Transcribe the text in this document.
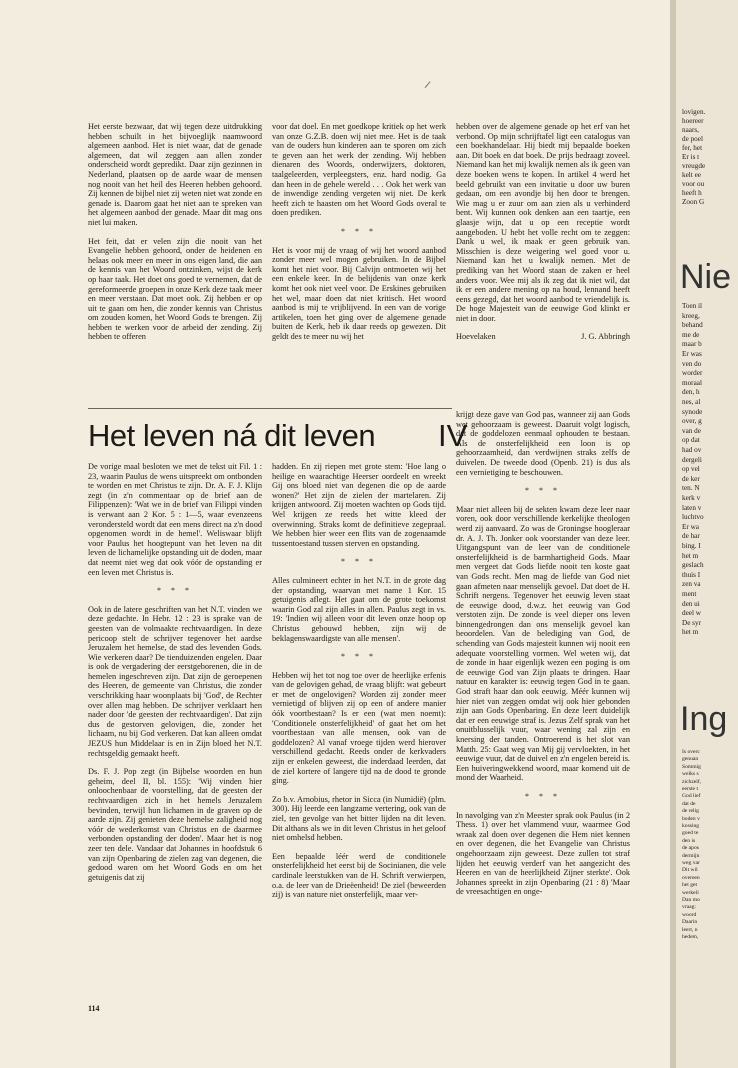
Het eerste bezwaar, dat wij tegen deze uitdrukking hebben schuilt in het bijvoeglijk naamwoord algemeen aanbod. Het is niet waar, dat de genade algemeen, dat wil zeggen aan allen zonder onderscheid wordt gepredikt. Daar zijn gezinnen in Nederland, plaatsen op de aarde waar de mensen nog nooit van het heil des Heeren hebben gehoord. Zij kennen de bijbel niet zij weten niet wat zonde en genade is. Daarom gaat het niet aan te spreken van het algemeen aanbod der genade. Maar dit mag ons niet lui maken.

Het feit, dat er velen zijn die nooit van het Evangelie hebben gehoord, onder de heidenen en helaas ook meer en meer in ons eigen land, die aan de kennis van het Woord ontzinken, wijst de kerk op haar taak. Het doet ons goed te vernemen, dat de gereformeerde groepen in onze Kerk deze taak meer en meer verstaan. Dat moet ook. Zij hebben er op uit te gaan om hen, die zonder kennis van Christus om zouden komen, het Woord Gods te brengen. Zij hebben te werken voor de arbeid der zending. Zij hebben te offeren

voor dat doel. En met goedkope kritiek op het werk van onze G.Z.B. doen wij niet mee. Het is de taak van de ouders hun kinderen aan te sporen om zich te geven aan het werk der zending. Wij hebben dienaren des Woords, onderwijzers, doktoren, taalgeleerden, verpleegsters, enz. hard nodig. Ga dan heen in de gehele wereld . . . Ook het werk van de inwendige zending vergeten wij niet. De kerk heeft zich te haasten om het Woord Gods overal te doen prediken.

* * *

Het is voor mij de vraag of wij het woord aanbod zonder meer wel mogen gebruiken. In de Bijbel komt het niet voor. Bij Calvijn ontmoeten wij het een enkele keer. In de belijdenis van onze kerk komt het ook niet veel voor. De Erskines gebruiken het wel, maar doen dat niet kritisch. Het woord aanbod is mij te vrijblijvend. In een van de vorige artikelen, toen het ging over de algemene genade buiten de Kerk, heb ik daar reeds op gewezen. Dit geldt des te meer nu wij het

hebben over de algemene genade op het erf van het verbond. Op mijn schrijftafel ligt een catalogus van een boekhandelaar. Hij biedt mij bepaalde boeken aan. Dit boek en dat boek. De prijs bedraagt zoveel. Niemand kan het mij kwalijk nemen als ik geen van deze boeken wens te kopen. In artikel 4 werd het beeld gebruikt van een invitatie u door uw buren gedaan, om een avondje bij hen door te brengen. Wie mag u er zuur om aan zien als u verhinderd bent. Wij kunnen ook denken aan een taartje, een glaasje wijn, dat u op een receptie wordt aangeboden. U hebt het volle recht om te zeggen: Dank u wel, ik maak er geen gebruik van. Misschien is deze weigering wel goed voor u. Niemand kan het u kwalijk nemen. Met de prediking van het Woord staan de zaken er heel anders voor. Wee mij als ik zeg dat ik niet wil, dat ik er een andere mening op na houd, lennand heeft eens gezegd, dat het woord aanbod te vriendelijk is. De hoge Majesteit van de eeuwige God klinkt er niet in door.

Hoevelaken	J. G. Abbringh
Het leven ná dit leven IV

De vorige maal besloten we met de tekst uit Fil. 1 : 23, waarin Paulus de wens uitspreekt om ontbonden te worden en met Christus te zijn. Dr. A. F. J. Klijn zegt (in z'n commentaar op de brief aan de Filippenzen): 'Wat we in de brief van Filippi vinden is verwant aan 2 Kor. 5 : 1—5, waar evenzeens verondersteld wordt dat een mens direct na z'n dood opgenomen wordt in de hemel'. Weliswaar blijft voor Paulus het hoogtepunt van het leven na dit leven de lichamelijke opstanding uit de doden, maar dat neemt niet weg dat ook vóór de opstanding er een leven met Christus is.

* * *

Ook in de latere geschriften van het N.T. vinden we deze gedachte. In Hebr. 12 : 23 is sprake van de geesten van de volmaakte rechtvaardigen. In deze pericoop stelt de schrijver tegenover het aardse Jeruzalem het hemelse, de stad des levenden Gods. Wie verkeren daar? De tienduizenden engelen. Daar is ook de vergadering der eerstgeborenen, die in de hemelen ingeschreven zijn. Dat zijn de geroepenen des Heeren, de gemeente van Christus, die zonder verschrikking haar woonplaats bij 'God', de Rechter over allen mag hebben. De schrijver verklaart hen nader door 'de geesten der rechtvaardigen'. Dat zijn dus de gestorven gelovigen, die, zonder het lichaam, nu bij God verkeren. Dat kan alleen omdat JEZUS hun Middelaar is en in Zijn bloed het N.T. rechtsgeldig gemaakt heeft.

Ds. F. J. Pop zegt (in Bijbelse woorden en hun geheim, deel II, bl. 155): 'Wij vinden hier onloochenbaar de voorstelling, dat de geesten der rechtvaardigen zich in het hemels Jeruzalem bevinden, terwijl hun lichamen in de graven op de aarde zijn. Zij genieten deze hemelse zaligheid nog vóór de wederkomst van Christus en de daarmee verbonden opstanding der doden'. Maar het is nog zeer ten dele. Vandaar dat Johannes in hoofdstuk 6 van zijn Openbaring de zielen zag van degenen, die gedood waren om het Woord Gods en om het getuigenis dat zij

hadden. En zij riepen met grote stem: 'Hoe lang o heilige en waarachtige Heerser oordeelt en wreekt Gij ons bloed niet van degenen die op de aarde wonen?' Het zijn de zielen der martelaren. Zij krijgen antwoord. Zij moeten wachten op Gods tijd. Wel krijgen ze reeds het witte kleed der overwinning. Straks komt de definitieve zegepraal. We hebben hier weer een flits van de zogenaamde tussentoestand tussen sterven en opstanding.

* * *

Alles culmineert echter in het N.T. in de grote dag der opstanding, waarvan met name 1 Kor. 15 getuigenis aflegt. Het gaat om de grote toekomst waarin God zal zijn alles in allen. Paulus zegt in vs. 19: 'Indien wij alleen voor dit leven onze hoop op Christus gebouwd hebben, zijn wij de beklagenswaardigste van alle mensen'.

* * *

Hebben wij het tot nog toe over de heerlijke erfenis van de gelovigen gehad, de vraag blijft: wat gebeurt er met de ongelovigen? Worden zij zonder meer vernietigd of blijven zij op een of andere manier óók voortbestaan? Is er een (wat men noemt): 'Conditionele onsterfelijkheid' of gaat het om het voortbestaan van alle mensen, ook van de goddelozen? Al vanaf vroege tijden werd hierover verschillend gedacht. Reeds onder de kerkvaders zijn er enkelen geweest, die inderdaad leerden, dat de ziel kortere of langere tijd na de dood te gronde ging.

Zo b.v. Arnobius, rhetor in Sicca (in Numidië) (plm. 300). Hij leerde een langzame vertering, ook van de ziel, ten gevolge van het bitter lijden na dit leven. Dit althans als we in dit leven Christus in het geloof niet omhelsd hebben.

Een bepaalde léér werd de conditionele onsterfelijkheid het eerst bij de Socinianen, die vele cardinale leerstukken van de H. Schrift verwierpen, o.a. de leer van de Drieëenheid! De ziel (beweerden zij) is van nature niet onsterfelijk, maar ver-

krijgt deze gave van God pas, wanneer zij aan Gods wet gehoorzaam is geweest. Daaruit volgt logisch, dat de goddelozen eenmaal ophouden te bestaan. Als de onsterfelijkheid een loon is op gehoorzaamheid, dan verdwijnen straks zelfs de duivelen. De tweede dood (Openb. 21) is dus als een vernietiging te beschouwen.

* * *

Maar niet alleen bij de sekten kwam deze leer naar voren, ook door verschillende kerkelijke theologen werd zij aanvaard. Zo was de Groningse hoogleraar dr. A. J. Th. Jonker ook voorstander van deze leer. Uitgangspunt van de leer van de conditionele onsterfelijkheid is de barmhartigheid Gods. Maar men vergeet dat Gods liefde nooit ten koste gaat van Gods recht. Men mag de liefde van God niet gaan afmeten naar menselijk gevoel. Dat doet de H. Schrift nergens. Tegenover het eeuwig leven staat de eeuwige dood, d.w.z. het eeuwig van God verstoten zijn. De zonde is veel dieper ons leven binnengedrongen dan ons menselijk gevoel kan beoordelen. Van de belediging van God, de schending van Gods majesteit kunnen wij nooit een adequate voorstelling vormen. Wel weten wij, dat de zonde in haar eigenlijk wezen een poging is om de eeuwige God van Zijn plaats te dringen. Haar natuur en karakter is: eeuwig tegen God in te gaan. God straft haar dan ook eeuwig. Méér kunnen wij hier niet van zeggen omdat wij ook hier gebonden zijn aan Gods Openbaring. En deze leert duidelijk dat er een eeuwige straf is. Jezus Zelf sprak van het onuitblusselijk vuur, waar wening zal zijn en knersing der tanden. Ontroerend is het slot van Matth. 25: Gaat weg van Mij gij vervloekten, in het eeuwige vuur, dat de duivel en z'n engelen bereid is. Een huiveringwekkend woord, maar komend uit de mond der Waarheid.

* * *

In navolging van z'n Meester sprak ook Paulus (in 2 Thess. 1) over het vlammend vuur, waarmee God wraak zal doen over degenen die Hem niet kennen en over degenen, die het Evangelie van Christus ongehoorzaam zijn geweest. Deze zullen tot straf lijden het eeuwig verderf van het aangezicht des Heeren en van de heerlijkheid Zijner sterkte'. Ook Johannes spreekt in zijn Openbaring (21 : 8) 'Maar de vreesachtigen en onge-

114
lovigen.
hoereer
naars,
de poel
fer, het
Er is t
vreugde
kelt ee
voor ou
heeft h
Zoon G
Nie
Toen il
kreeg,
behand
me de
maar b
Er was
ven do
worder
moraal
den, h
nes, al
synode
over, g
van de
op dat
had ov
dergeli
op vel
de ker
ten. N
kerk v
laten v
luchtvo
Er wa
de har
bing. I
het m
geslach
thuis I
zen va
ment
den ui
deel w
De syr
het m
Ing
Is overc
genuan
Sommig
welks s
zichzelf,
eerste t
God lief
dat de
de relig
boden v
kossing
goed te
den is
de apos
dermijn
weg var
Dit wil
overeen
het get
werkeli
Dan mo
vraag:
woord
Daarin
leert, n
hedem,
